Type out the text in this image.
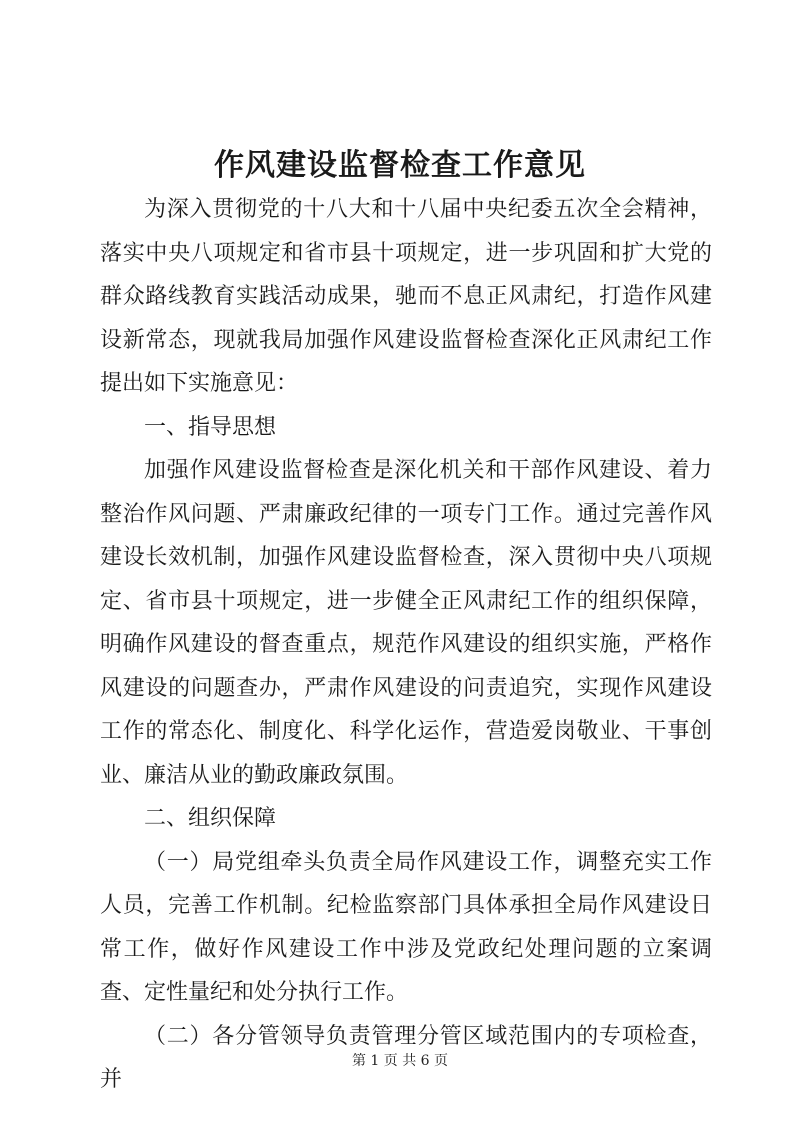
作风建设监督检查工作意见

为深入贯彻党的十八大和十八届中央纪委五次全会精神，落实中央八项规定和省市县十项规定，进一步巩固和扩大党的群众路线教育实践活动成果，驰而不息正风肃纪，打造作风建设新常态，现就我局加强作风建设监督检查深化正风肃纪工作提出如下实施意见：

一、指导思想

加强作风建设监督检查是深化机关和干部作风建设、着力整治作风问题、严肃廉政纪律的一项专门工作。通过完善作风建设长效机制，加强作风建设监督检查，深入贯彻中央八项规定、省市县十项规定，进一步健全正风肃纪工作的组织保障，明确作风建设的督查重点，规范作风建设的组织实施，严格作风建设的问题查办，严肃作风建设的问责追究，实现作风建设工作的常态化、制度化、科学化运作，营造爱岗敬业、干事创业、廉洁从业的勤政廉政氛围。

二、组织保障

（一）局党组牵头负责全局作风建设工作，调整充实工作人员，完善工作机制。纪检监察部门具体承担全局作风建设日常工作，做好作风建设工作中涉及党政纪处理问题的立案调查、定性量纪和处分执行工作。

（二）各分管领导负责管理分管区域范围内的专项检查，并

第 1 页 共 6 页
